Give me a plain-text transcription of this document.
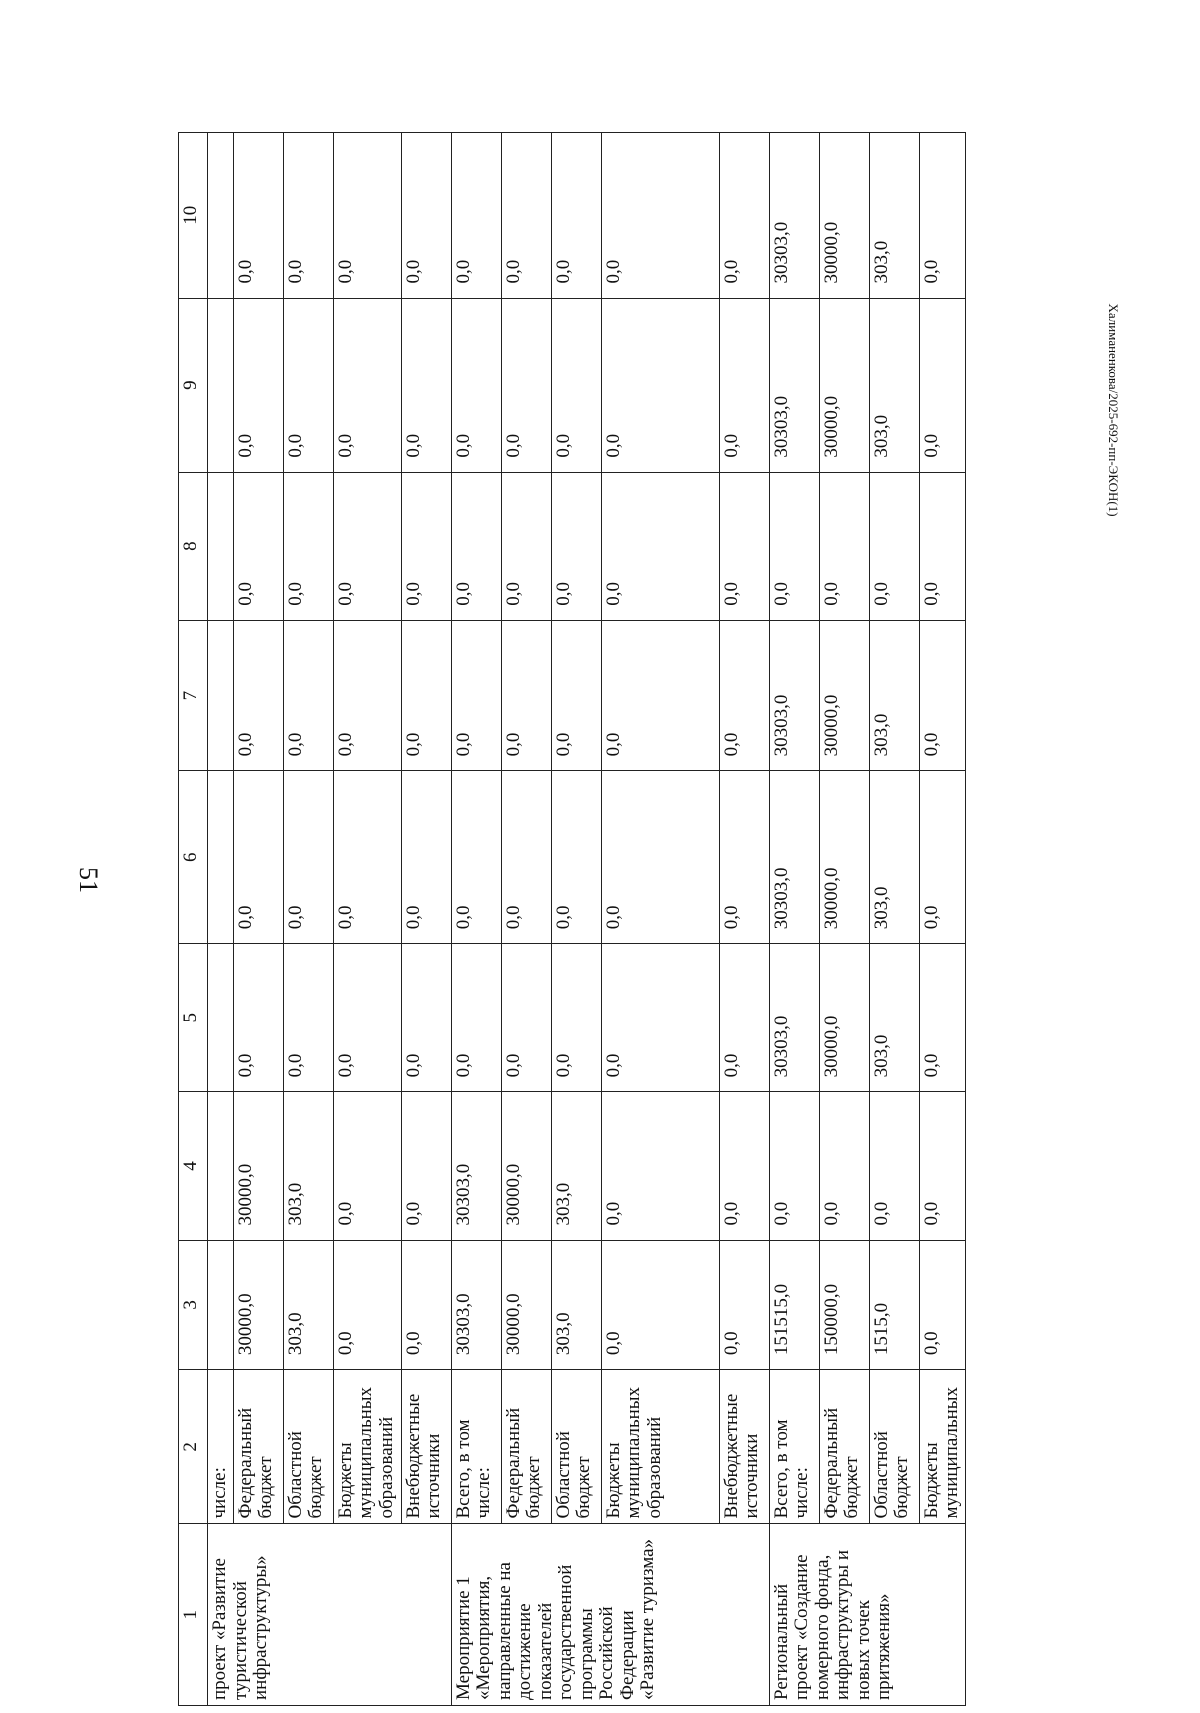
51
Халиманенкова/2025-692-пп-ЭКОН(1)
1	2	3	4	5	6	7	8	9	10
проект «Развитие туристической инфраструктуры»	числе:								
	Федеральный бюджет	30000,0	30000,0	0,0	0,0	0,0	0,0	0,0	0,0
	Областной бюджет	303,0	303,0	0,0	0,0	0,0	0,0	0,0	0,0
	Бюджеты муниципальных образований	0,0	0,0	0,0	0,0	0,0	0,0	0,0	0,0
	Внебюджетные источники	0,0	0,0	0,0	0,0	0,0	0,0	0,0	0,0
Мероприятие 1 «Мероприятия, направленные на достижение показателей государственной программы Российской Федерации «Развитие туризма»	Всего, в том числе:	30303,0	30303,0	0,0	0,0	0,0	0,0	0,0	0,0
	Федеральный бюджет	30000,0	30000,0	0,0	0,0	0,0	0,0	0,0	0,0
	Областной бюджет	303,0	303,0	0,0	0,0	0,0	0,0	0,0	0,0
	Бюджеты муниципальных образований	0,0	0,0	0,0	0,0	0,0	0,0	0,0	0,0
	Внебюджетные источники	0,0	0,0	0,0	0,0	0,0	0,0	0,0	0,0
Региональный проект «Создание номерного фонда, инфраструктуры и новых точек притяжения»	Всего, в том числе:	151515,0	0,0	30303,0	30303,0	30303,0	0,0	30303,0	30303,0
	Федеральный бюджет	150000,0	0,0	30000,0	30000,0	30000,0	0,0	30000,0	30000,0
	Областной бюджет	1515,0	0,0	303,0	303,0	303,0	0,0	303,0	303,0
	Бюджеты муниципальных	0,0	0,0	0,0	0,0	0,0	0,0	0,0	0,0
